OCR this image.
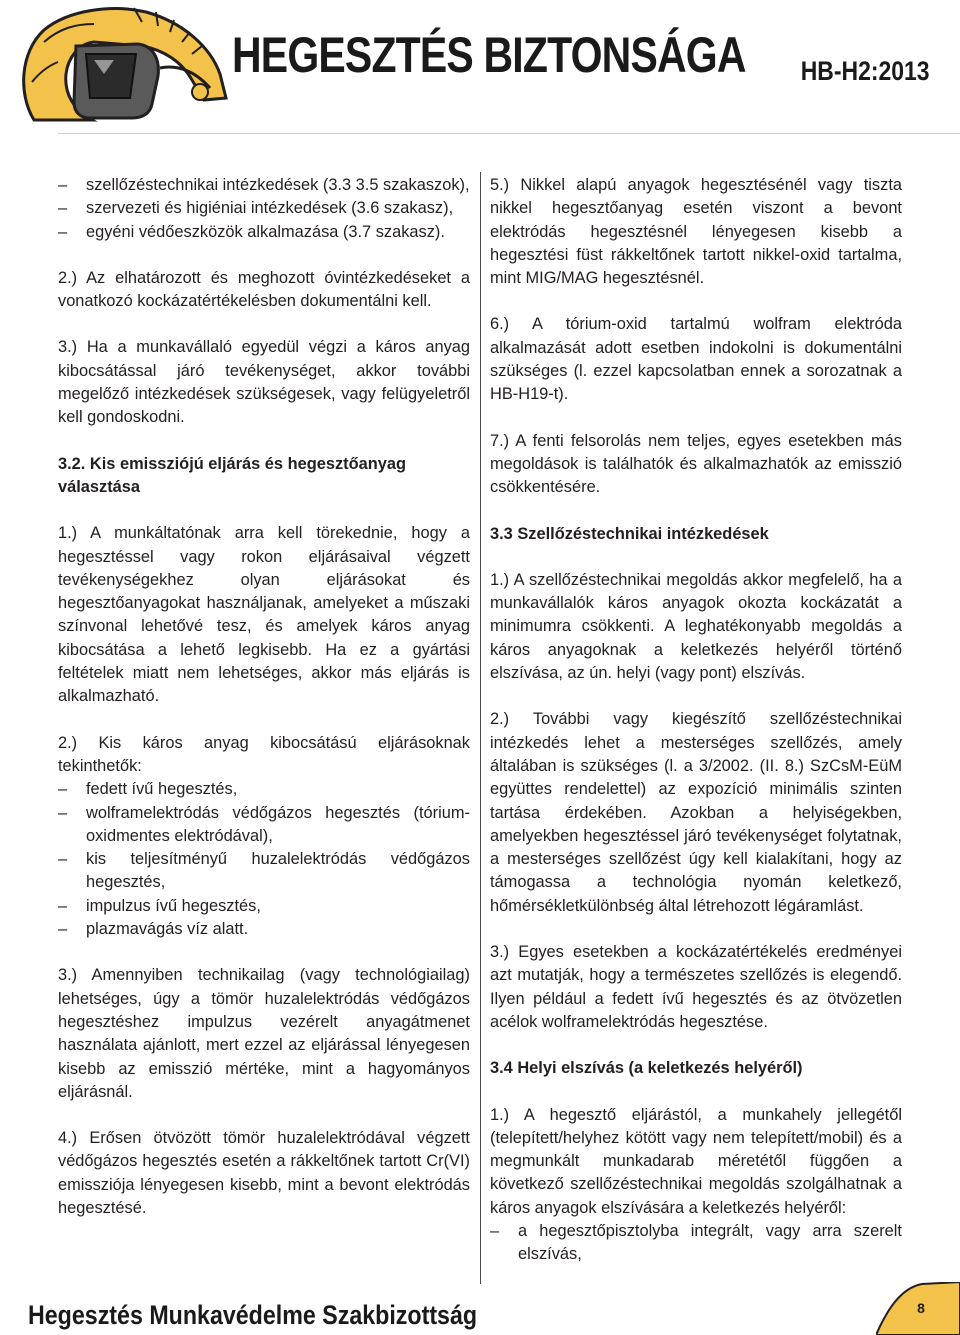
HEGESZTÉS BIZTONSÁGA HB-H2:2013
– szellőzéstechnikai intézkedések (3.3 3.5 szakaszok),
– szervezeti és higiéniai intézkedések (3.6 szakasz),
– egyéni védőeszközök alkalmazása (3.7 szakasz).

2.) Az elhatározott és meghozott óvintézkedéseket a vonatkozó kockázatértékelésben dokumentálni kell.

3.) Ha a munkavállaló egyedül végzi a káros anyag kibocsátással járó tevékenységet, akkor további megelőző intézkedések szükségesek, vagy felügyeletről kell gondoskodni.

3.2. Kis emissziójú eljárás és hegesztőanyag választása

1.) A munkáltatónak arra kell törekednie, hogy a hegesztéssel vagy rokon eljárásaival végzett tevékenységekhez olyan eljárásokat és hegesztőanyagokat használjanak, amelyeket a műszaki színvonal lehetővé tesz, és amelyek káros anyag kibocsátása a lehető legkisebb. Ha ez a gyártási feltételek miatt nem lehetséges, akkor más eljárás is alkalmazható.

2.) Kis káros anyag kibocsátású eljárásoknak tekinthetők:

– fedett ívű hegesztés,
– wolframelektródás védőgázos hegesztés (tórium-oxidmentes elektródával),
– kis teljesítményű huzalelektródás védőgázos hegesztés,
– impulzus ívű hegesztés,
– plazmavágás víz alatt.

3.) Amennyiben technikailag (vagy technológiailag) lehetséges, úgy a tömör huzalelektródás védőgázos hegesztéshez impulzus vezérelt anyagátmenet használata ajánlott, mert ezzel az eljárással lényegesen kisebb az emisszió mértéke, mint a hagyományos eljárásnál.

4.) Erősen ötvözött tömör huzalelektródával végzett védőgázos hegesztés esetén a rákkeltőnek tartott Cr(VI) emissziója lényegesen kisebb, mint a bevont elektródás hegesztésé.

5.) Nikkel alapú anyagok hegesztésénél vagy tiszta nikkel hegesztőanyag esetén viszont a bevont elektródás hegesztésnél lényegesen kisebb a hegesztési füst rákkeltőnek tartott nikkel-oxid tartalma, mint MIG/MAG hegesztésnél.

6.) A tórium-oxid tartalmú wolfram elektróda alkalmazását adott esetben indokolni is dokumentálni szükséges (l. ezzel kapcsolatban ennek a sorozatnak a HB-H19-t).

7.) A fenti felsorolás nem teljes, egyes esetekben más megoldások is találhatók és alkalmazhatók az emisszió csökkentésére.

3.3 Szellőzéstechnikai intézkedések

1.) A szellőzéstechnikai megoldás akkor megfelelő, ha a munkavállalók káros anyagok okozta kockázatát a minimumra csökkenti. A leghatékonyabb megoldás a káros anyagoknak a keletkezés helyéről történő elszívása, az ún. helyi (vagy pont) elszívás.

2.) További vagy kiegészítő szellőzéstechnikai intézkedés lehet a mesterséges szellőzés, amely általában is szükséges (l. a 3/2002. (II. 8.) SzCsM-EüM együttes rendelettel) az expozíció minimális szinten tartása érdekében. Azokban a helyiségekben, amelyekben hegesztéssel járó tevékenységet folytatnak, a mesterséges szellőzést úgy kell kialakítani, hogy az támogassa a technológia nyomán keletkező, hőmérsékletkülönbség által létrehozott légáramlást.

3.) Egyes esetekben a kockázatértékelés eredményei azt mutatják, hogy a természetes szellőzés is elegendő. Ilyen például a fedett ívű hegesztés és az ötvözetlen acélok wolframelektródás hegesztése.

3.4 Helyi elszívás (a keletkezés helyéről)

1.) A hegesztő eljárástól, a munkahely jellegétől (telepített/helyhez kötött vagy nem telepített/mobil) és a megmunkált munkadarab méretétől függően a következő szellőzéstechnikai megoldás szolgálhatnak a káros anyagok elszívására a keletkezés helyéről:

– a hegesztőpisztolyba integrált, vagy arra szerelt elszívás,
Hegesztés Munkavédelme Szakbizottság	8
